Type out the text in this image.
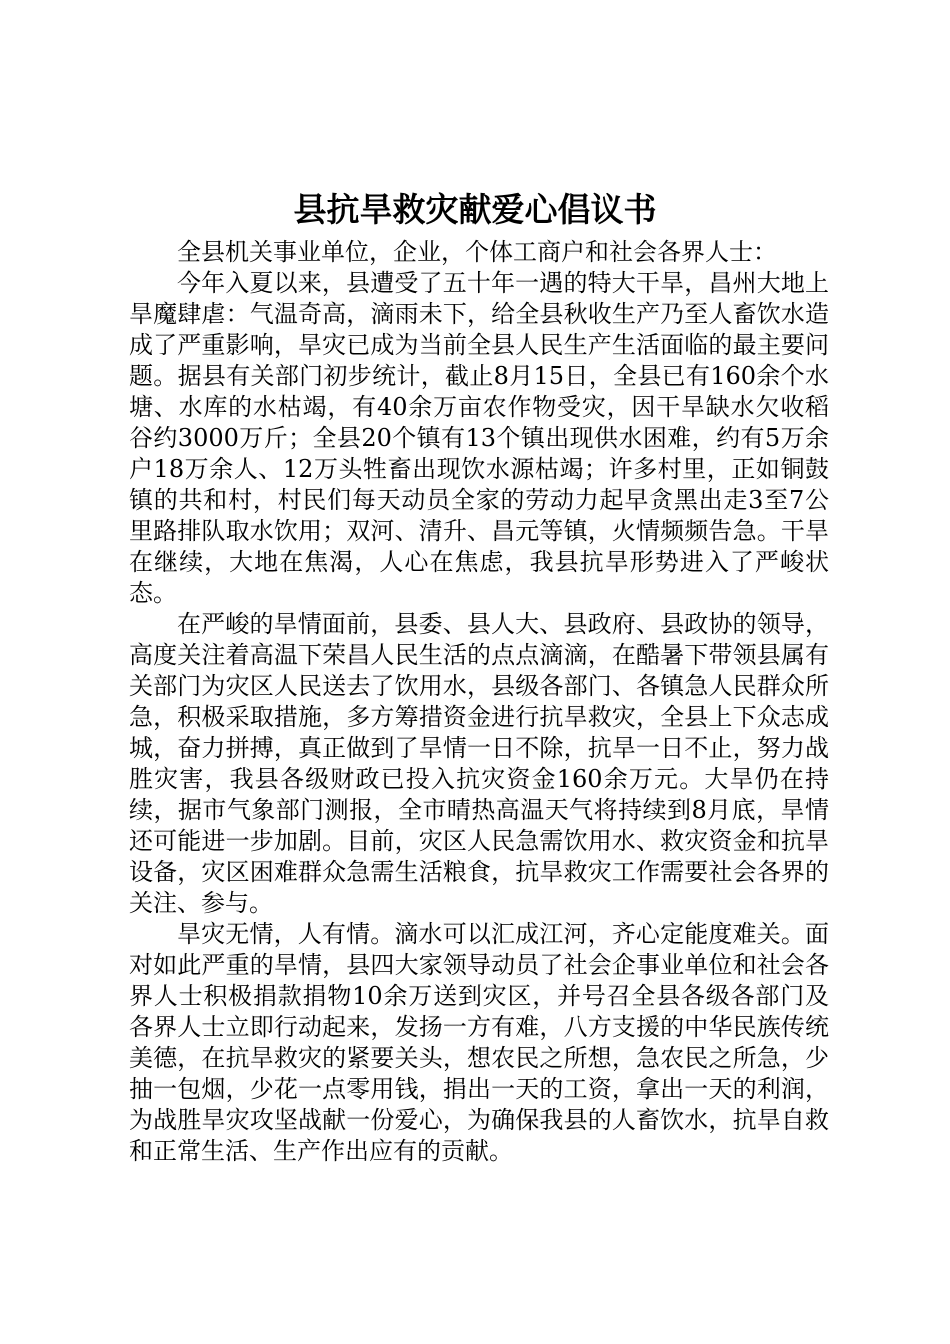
县抗旱救灾献爱心倡议书

全县机关事业单位，企业，个体工商户和社会各界人士：

今年入夏以来，县遭受了五十年一遇的特大干旱，昌州大地上旱魔肆虐：气温奇高，滴雨未下，给全县秋收生产乃至人畜饮水造成了严重影响，旱灾已成为当前全县人民生产生活面临的最主要问题。据县有关部门初步统计，截止8月15日，全县已有160余个水塘、水库的水枯竭，有40余万亩农作物受灾，因干旱缺水欠收稻谷约3000万斤；全县20个镇有13个镇出现供水困难，约有5万余户18万余人、12万头牲畜出现饮水源枯竭；许多村里，正如铜鼓镇的共和村，村民们每天动员全家的劳动力起早贪黑出走3至7公里路排队取水饮用；双河、清升、昌元等镇，火情频频告急。干旱在继续，大地在焦渴，人心在焦虑，我县抗旱形势进入了严峻状态。

在严峻的旱情面前，县委、县人大、县政府、县政协的领导，高度关注着高温下荣昌人民生活的点点滴滴，在酷暑下带领县属有关部门为灾区人民送去了饮用水，县级各部门、各镇急人民群众所急，积极采取措施，多方筹措资金进行抗旱救灾，全县上下众志成城，奋力拼搏，真正做到了旱情一日不除，抗旱一日不止，努力战胜灾害，我县各级财政已投入抗灾资金160余万元。大旱仍在持续，据市气象部门测报，全市晴热高温天气将持续到8月底，旱情还可能进一步加剧。目前，灾区人民急需饮用水、救灾资金和抗旱设备，灾区困难群众急需生活粮食，抗旱救灾工作需要社会各界的关注、参与。

旱灾无情，人有情。滴水可以汇成江河，齐心定能度难关。面对如此严重的旱情，县四大家领导动员了社会企事业单位和社会各界人士积极捐款捐物10余万送到灾区，并号召全县各级各部门及各界人士立即行动起来，发扬一方有难，八方支援的中华民族传统美德，在抗旱救灾的紧要关头，想农民之所想，急农民之所急，少抽一包烟，少花一点零用钱，捐出一天的工资，拿出一天的利润，为战胜旱灾攻坚战献一份爱心，为确保我县的人畜饮水，抗旱自救和正常生活、生产作出应有的贡献。
